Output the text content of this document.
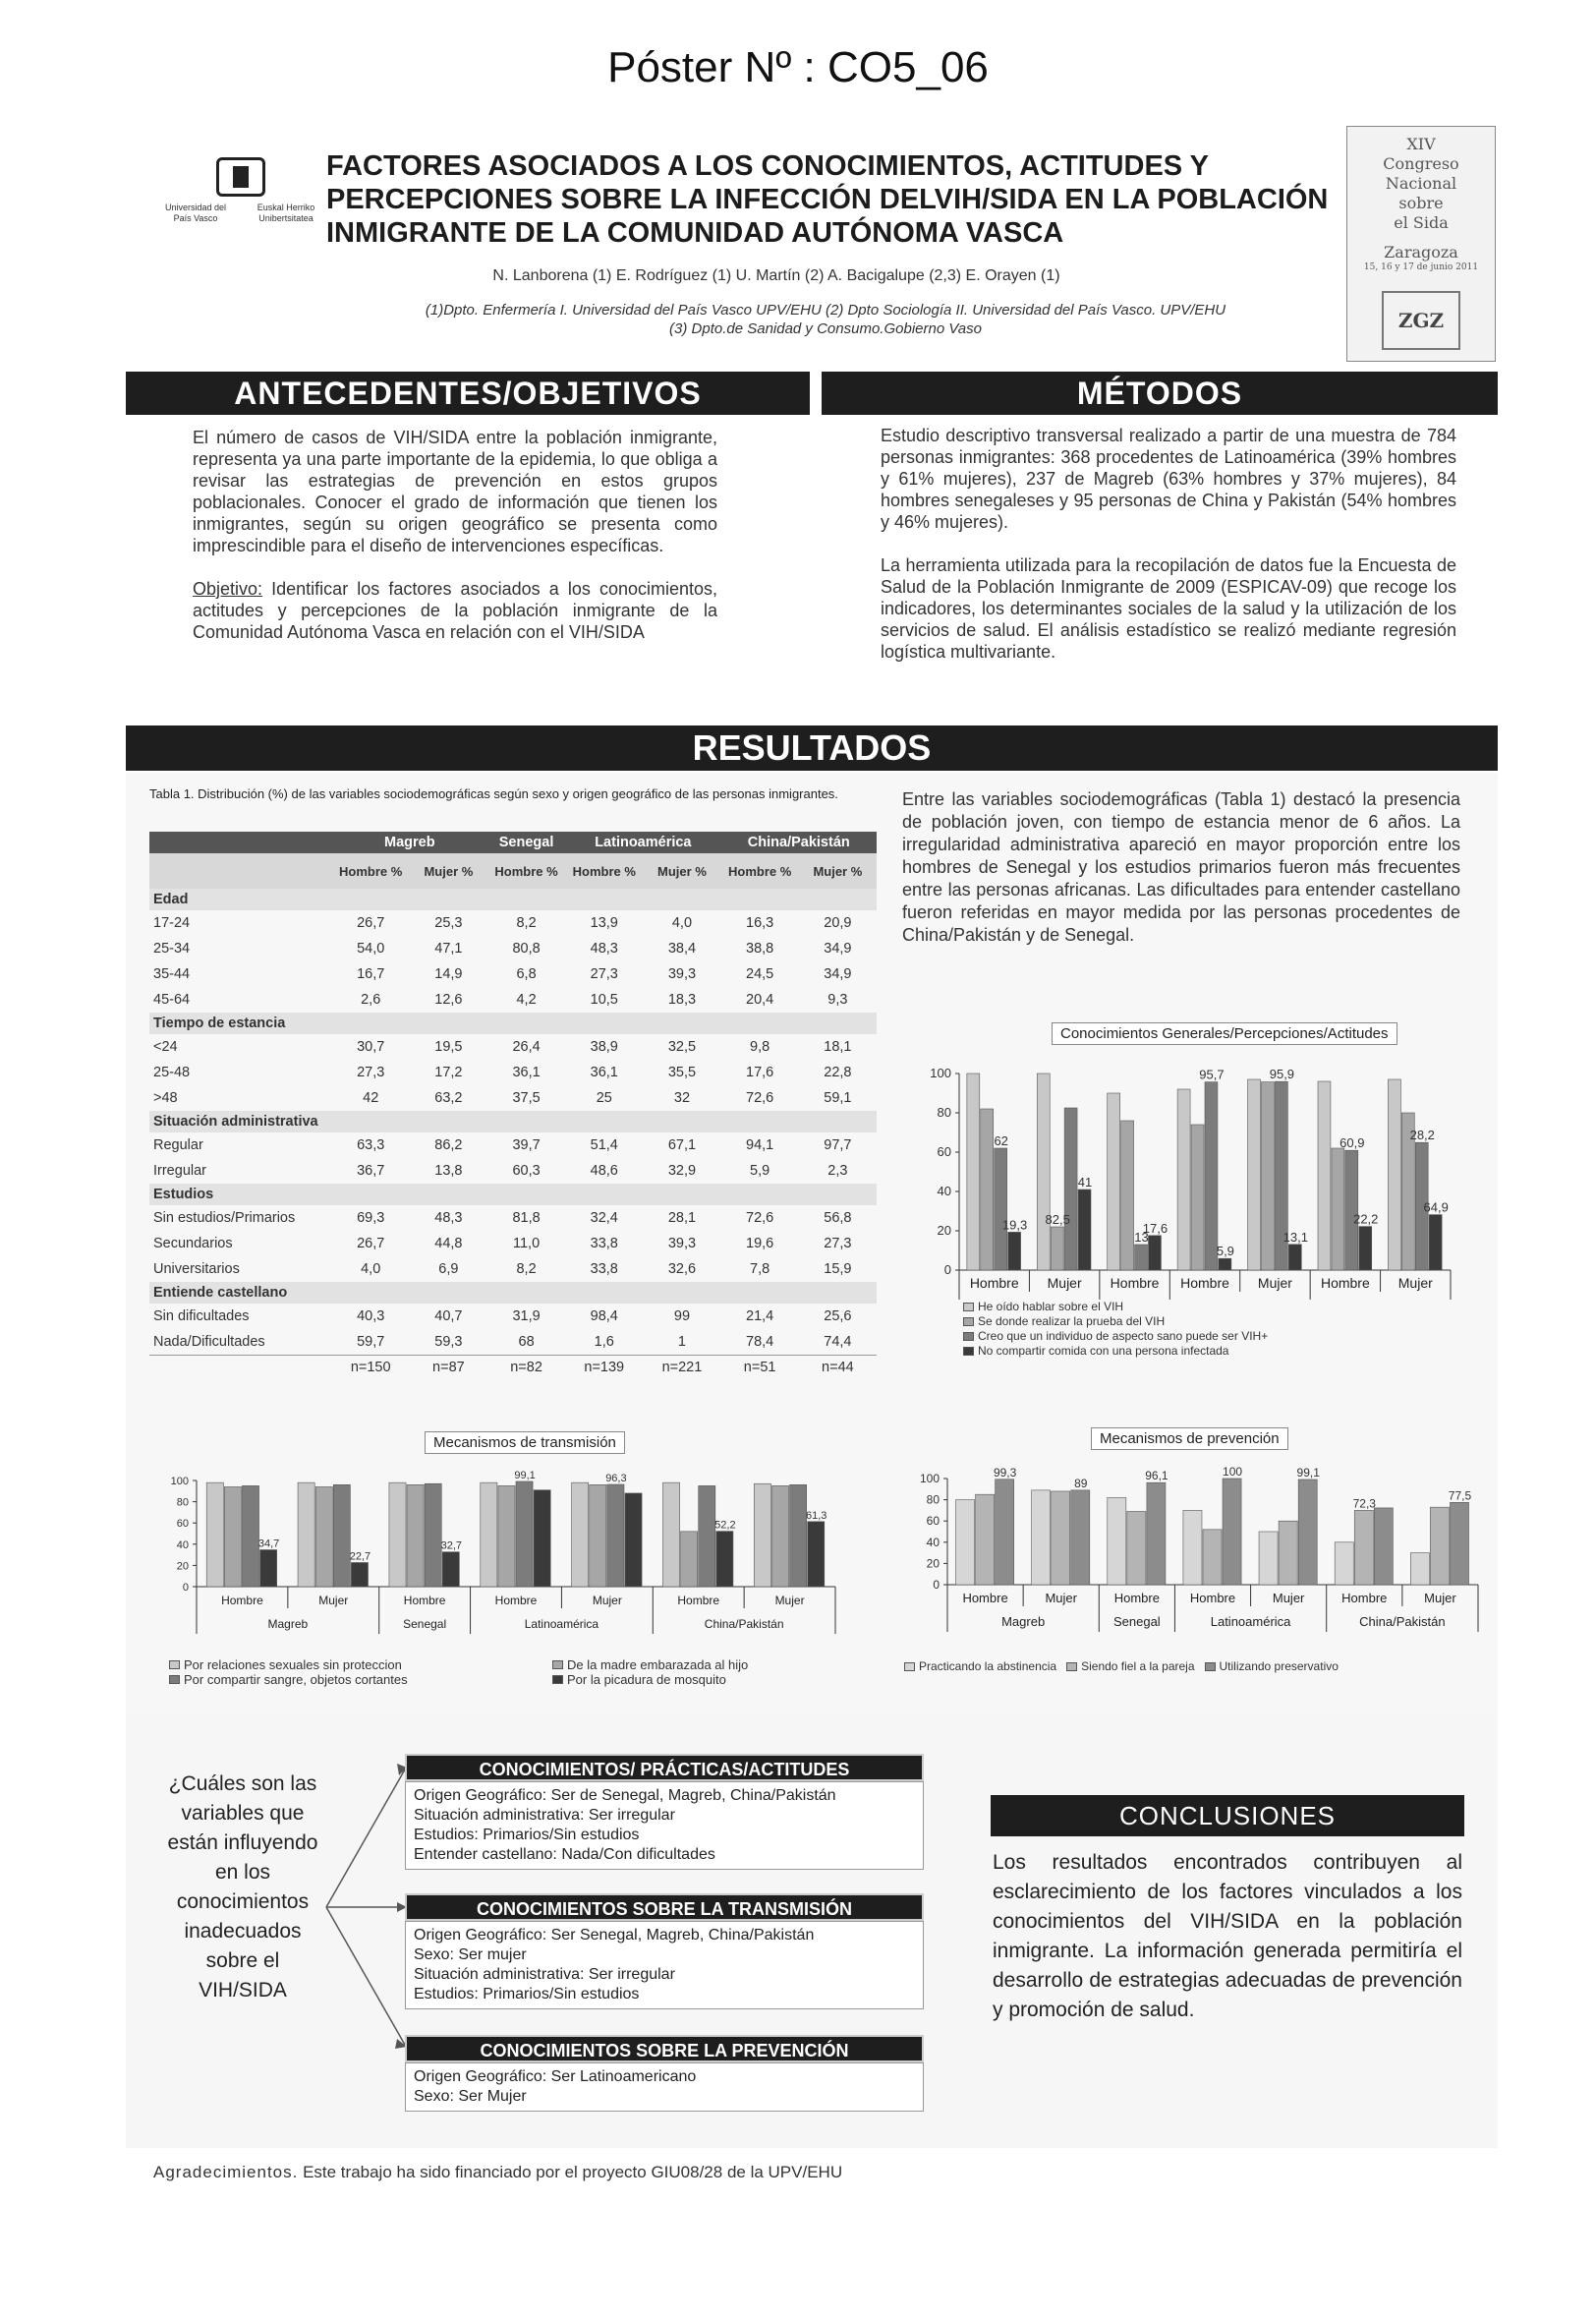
Póster Nº : CO5_06
Universidad del País Vasco
Euskal Herriko Unibertsitatea
FACTORES ASOCIADOS A LOS CONOCIMIENTOS, ACTITUDES Y PERCEPCIONES SOBRE LA INFECCIÓN DELVIH/SIDA EN LA POBLACIÓN INMIGRANTE DE LA COMUNIDAD AUTÓNOMA VASCA
N. Lanborena (1) E. Rodríguez (1) U. Martín (2) A. Bacigalupe (2,3) E. Orayen (1)
(1)Dpto. Enfermería I. Universidad del País Vasco UPV/EHU (2) Dpto Sociología II. Universidad del País Vasco. UPV/EHU
(3) Dpto.de Sanidad y Consumo.Gobierno Vaso
XIV
Congreso
Nacional
sobre
el Sida
Zaragoza
15, 16 y 17 de junio 2011
ZGZ
ANTECEDENTES/OBJETIVOS

El número de casos de VIH/SIDA entre la población inmigrante, representa ya una parte importante de la epidemia, lo que obliga a revisar las estrategias de prevención en estos grupos poblacionales. Conocer el grado de información que tienen los inmigrantes, según su origen geográfico se presenta como imprescindible para el diseño de intervenciones específicas.

Objetivo: Identificar los factores asociados a los conocimientos, actitudes y percepciones de la población inmigrante de la Comunidad Autónoma Vasca en relación con el VIH/SIDA

MÉTODOS

Estudio descriptivo transversal realizado a partir de una muestra de 784 personas inmigrantes: 368 procedentes de Latinoamérica (39% hombres y 61% mujeres), 237 de Magreb (63% hombres y 37% mujeres), 84 hombres senegaleses y 95 personas de China y Pakistán (54% hombres y 46% mujeres).

La herramienta utilizada para la recopilación de datos fue la Encuesta de Salud de la Población Inmigrante de 2009 (ESPICAV-09) que recoge los indicadores, los determinantes sociales de la salud y la utilización de los servicios de salud. El análisis estadístico se realizó mediante regresión logística multivariante.

RESULTADOS
Tabla 1. Distribución (%) de las variables sociodemográficas según sexo y origen geográfico de las personas inmigrantes.
	Magreb		Senegal	Latinoamérica		China/Pakistán	
	Hombre %	Mujer %	Hombre %	Hombre %	Mujer %	Hombre %	Mujer %
Edad							
17-24	26,7	25,3	8,2	13,9	4,0	16,3	20,9
25-34	54,0	47,1	80,8	48,3	38,4	38,8	34,9
35-44	16,7	14,9	6,8	27,3	39,3	24,5	34,9
45-64	2,6	12,6	4,2	10,5	18,3	20,4	9,3
Tiempo de estancia							
<24	30,7	19,5	26,4	38,9	32,5	9,8	18,1
25-48	27,3	17,2	36,1	36,1	35,5	17,6	22,8
>48	42	63,2	37,5	25	32	72,6	59,1
Situación administrativa							
Regular	63,3	86,2	39,7	51,4	67,1	94,1	97,7
Irregular	36,7	13,8	60,3	48,6	32,9	5,9	2,3
Estudios							
Sin estudios/Primarios	69,3	48,3	81,8	32,4	28,1	72,6	56,8
Secundarios	26,7	44,8	11,0	33,8	39,3	19,6	27,3
Universitarios	4,0	6,9	8,2	33,8	32,6	7,8	15,9
Entiende castellano							
Sin dificultades	40,3	40,7	31,9	98,4	99	21,4	25,6
Nada/Dificultades	59,7	59,3	68	1,6	1	78,4	74,4
	n=150	n=87	n=82	n=139	n=221	n=51	n=44
Entre las variables sociodemográficas (Tabla 1) destacó la presencia de población joven, con tiempo de estancia menor de 6 años. La irregularidad administrativa apareció en mayor proporción entre los hombres de Senegal y los estudios primarios fueron más frecuentes entre las personas africanas. Las dificultades para entender castellano fueron referidas en mayor medida por las personas procedentes de China/Pakistán y de Senegal.
0
20
40
60
80
100
62
19,3 82,5
41
13
17,6
95,7
5,9
95,9
13,1
60,9
22,2
64,9
28,2
Hombre Mujer Hombre Hombre Mujer Hombre Mujer
Conocimientos Generales/Percepciones/Actitudes
He oído hablar sobre el VIH
Se donde realizar la prueba del VIH
Creo que un individuo de aspecto sano puede ser VIH+
No compartir comida con una persona infectada
0
20
40
60
80
100
34,7
22,7
32,7
99,1	96,3
52,2
61,3
Hombre	Mujer	Hombre	Hombre	Mujer	Hombre	Mujer
Magreb	Senegal	Latinoamérica	China/Pakistán
Mecanismos de transmisión
Por relaciones sexuales sin proteccion	De la madre embarazada al hijo
Por compartir sangre, objetos cortantes	Por la picadura de mosquito
0
20
40
60
80
100	99,3
89
96,1	100	99,1
72,3
77,5
Hombre	Mujer	Hombre Hombre	Mujer	Hombre	Mujer
Magreb	Senegal	Latinoamérica	China/Pakistán
Mecanismos de prevención
Practicando la abstinencia Siendo fiel a la pareja Utilizando preservativo
¿Cuáles son las variables que están influyendo en los conocimientos inadecuados sobre el VIH/SIDA
CONOCIMIENTOS/ PRÁCTICAS/ACTITUDES
Origen Geográfico: Ser de Senegal, Magreb, China/Pakistán
Situación administrativa: Ser irregular
Estudios: Primarios/Sin estudios
Entender castellano: Nada/Con dificultades
CONOCIMIENTOS SOBRE LA TRANSMISIÓN
Origen Geográfico: Ser Senegal, Magreb, China/Pakistán
Sexo: Ser mujer
Situación administrativa: Ser irregular
Estudios: Primarios/Sin estudios
CONOCIMIENTOS SOBRE LA PREVENCIÓN
Origen Geográfico: Ser Latinoamericano
Sexo: Ser Mujer
CONCLUSIONES
Los resultados encontrados contribuyen al esclarecimiento de los factores vinculados a los conocimientos del VIH/SIDA en la población inmigrante. La información generada permitiría el desarrollo de estrategias adecuadas de prevención y promoción de salud.
Agradecimientos. Este trabajo ha sido financiado por el proyecto GIU08/28 de la UPV/EHU
